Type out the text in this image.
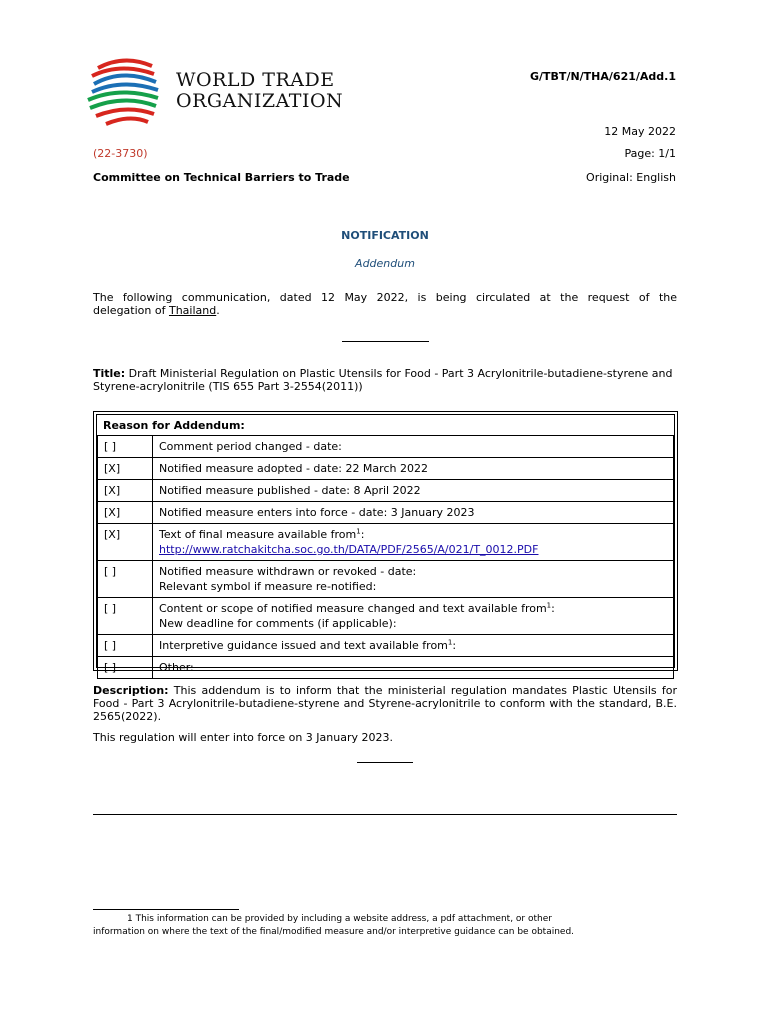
WORLD TRADE
ORGANIZATION
G/TBT/N/THA/621/Add.1
12 May 2022
(22-3730)	Page: 1/1
Committee on Technical Barriers to Trade	Original: English
NOTIFICATION
Addendum
The following communication, dated 12 May 2022, is being circulated at the request of the
delegation of Thailand.
Title: Draft Ministerial Regulation on Plastic Utensils for Food - Part 3 Acrylonitrile-butadiene-styrene and Styrene-acrylonitrile (TIS 655 Part 3-2554(2011))
Reason for Addendum:
[ ]	Comment period changed - date:

[X]	Notified measure adopted - date: 22 March 2022

[X]	Notified measure published - date: 8 April 2022

[X]	Notified measure enters into force - date: 3 January 2023

[X]	Text of final measure available from$^1$:
http://www.ratchakitcha.soc.go.th/DATA/PDF/2565/A/021/T_0012.PDF

[ ]	Notified measure withdrawn or revoked - date:
Relevant symbol if measure re-notified:

[ ]	Content or scope of notified measure changed and text available from$^1$:
New deadline for comments (if applicable):

[ ]	Interpretive guidance issued and text available from$^1$:

[ ]	Other:
Description: This addendum is to inform that the ministerial regulation mandates Plastic Utensils for Food - Part 3 Acrylonitrile-butadiene-styrene and Styrene-acrylonitrile to conform with the standard, B.E. 2565(2022).
This regulation will enter into force on 3 January 2023.
1 This information can be provided by including a website address, a pdf attachment, or other
information on where the text of the final/modified measure and/or interpretive guidance can be obtained.
